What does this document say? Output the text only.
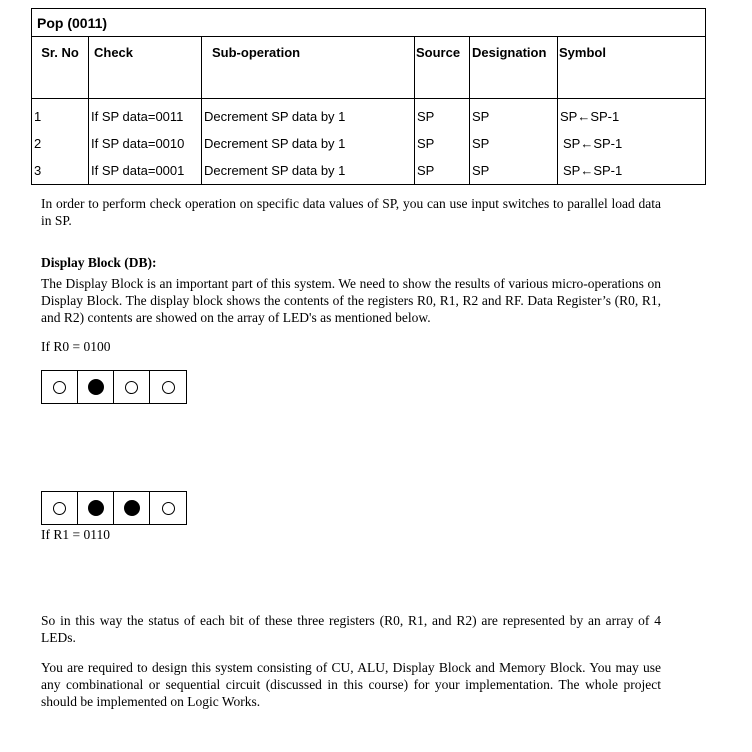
Pop (0011)					
Sr. No	Check	Sub-operation	Source	Designation	Symbol

1	If SP data=0011	Decrement SP data by 1	SP	SP	SP←SP-1
2	If SP data=0010	Decrement SP data by 1	SP	SP	SP←SP-1
3	If SP data=0001	Decrement SP data by 1	SP	SP	SP←SP-1
In order to perform check operation on specific data values of SP, you can use input switches to parallel load data in SP.
Display Block (DB):
The Display Block is an important part of this system. We need to show the results of various micro-operations on Display Block. The display block shows the contents of the registers R0, R1, R2 and RF. Data Register’s (R0, R1, and R2) contents are showed on the array of LED's as mentioned below.
If R0 = 0100
If R1 = 0110
So in this way the status of each bit of these three registers (R0, R1, and R2) are represented by an array of 4 LEDs.
You are required to design this system consisting of CU, ALU, Display Block and Memory Block. You may use any combinational or sequential circuit (discussed in this course) for your implementation. The whole project should be implemented on Logic Works.
